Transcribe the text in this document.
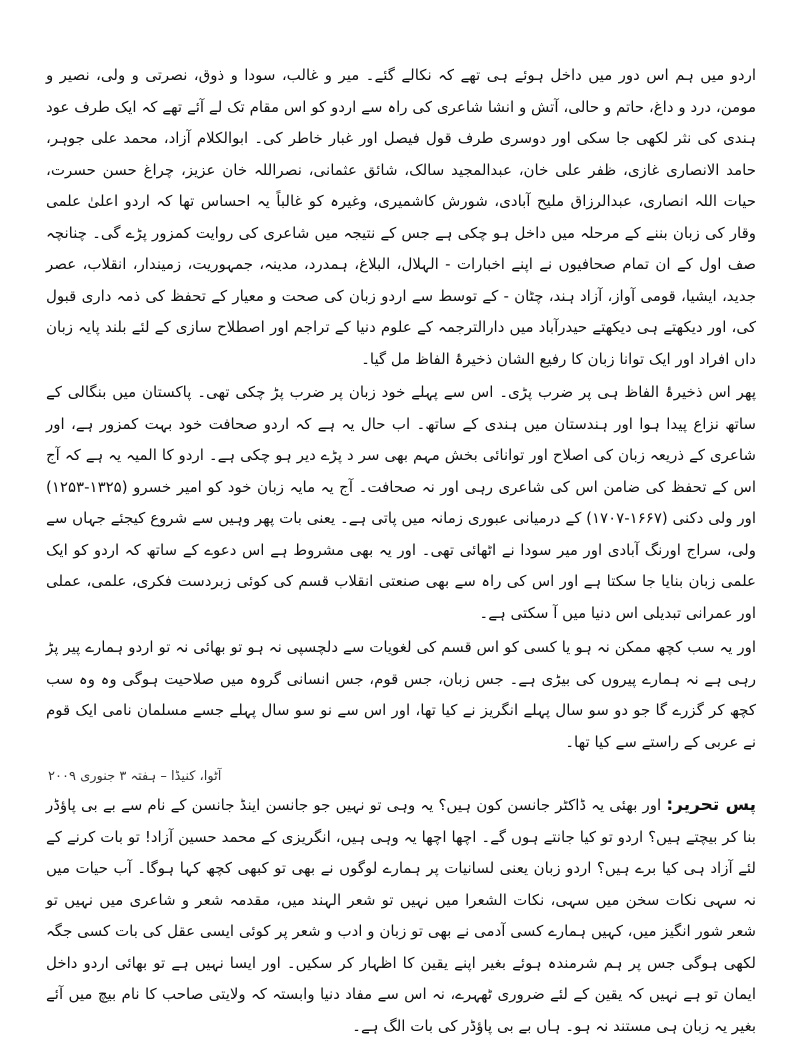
اردو میں ہم اس دور میں داخل ہوئے ہی تھے کہ نکالے گئے۔ میر و غالب، سودا و ذوق، نصرتی و ولی، نصیر و مومن، درد و داغ، حاتم و حالی، آتش و انشا شاعری کی راہ سے اردو کو اس مقام تک لے آئے تھے کہ ایک طرف عود ہندی کی نثر لکھی جا سکی اور دوسری طرف قول فیصل اور غبار خاطر کی۔ ابوالکلام آزاد، محمد علی جوہر، حامد الانصاری غازی، ظفر علی خان، عبدالمجید سالک، شائق عثمانی، نصراللہ خان عزیز، چراغ حسن حسرت، حیات اللہ انصاری، عبدالرزاق ملیح آبادی، شورش کاشمیری، وغیرہ کو غالباً یہ احساس تھا کہ اردو اعلیٰ علمی وقار کی زبان بننے کے مرحلہ میں داخل ہو چکی ہے جس کے نتیجہ میں شاعری کی روایت کمزور پڑے گی۔ چنانچہ صف اول کے ان تمام صحافیوں نے اپنے اخبارات - الہلال، البلاغ، ہمدرد، مدینہ، جمہوریت، زمیندار، انقلاب، عصر جدید، ایشیا، قومی آواز، آزاد ہند، چٹان - کے توسط سے اردو زبان کی صحت و معیار کے تحفظ کی ذمہ داری قبول کی، اور دیکھتے ہی دیکھتے حیدرآباد میں دارالترجمہ کے علوم دنیا کے تراجم اور اصطلاح سازی کے لئے بلند پایہ زبان داں افراد اور ایک توانا زبان کا رفیع الشان ذخیرۂ الفاظ مل گیا۔

پھر اس ذخیرۂ الفاظ ہی پر ضرب پڑی۔ اس سے پہلے خود زبان پر ضرب پڑ چکی تھی۔ پاکستان میں بنگالی کے ساتھ نزاع پیدا ہوا اور ہندستان میں ہندی کے ساتھ۔ اب حال یہ ہے کہ اردو صحافت خود بہت کمزور ہے، اور شاعری کے ذریعہ زبان کی اصلاح اور توانائی بخش مہم بھی سر د پڑے دیر ہو چکی ہے۔ اردو کا المیہ یہ ہے کہ آج اس کے تحفظ کی ضامن اس کی شاعری رہی اور نہ صحافت۔ آج یہ مایہ زبان خود کو امیر خسرو (۱۳۲۵-۱۲۵۳) اور ولی دکنی (۱۶۶۷-۱۷۰۷) کے درمیانی عبوری زمانہ میں پاتی ہے۔ یعنی بات پھر وہیں سے شروع کیجئے جہاں سے ولی، سراج اورنگ آبادی اور میر سودا نے اٹھائی تھی۔ اور یہ بھی مشروط ہے اس دعوے کے ساتھ کہ اردو کو ایک علمی زبان بنایا جا سکتا ہے اور اس کی راہ سے بھی صنعتی انقلاب قسم کی کوئی زبردست فکری، علمی، عملی اور عمرانی تبدیلی اس دنیا میں آ سکتی ہے۔

اور یہ سب کچھ ممکن نہ ہو یا کسی کو اس قسم کی لغویات سے دلچسپی نہ ہو تو بھائی نہ تو اردو ہمارے پیر پڑ رہی ہے نہ ہمارے پیروں کی بیڑی ہے۔ جس زبان، جس قوم، جس انسانی گروہ میں صلاحیت ہوگی وہ وہ سب کچھ کر گزرے گا جو دو سو سال پہلے انگریز نے کیا تھا، اور اس سے نو سو سال پہلے جسے مسلمان نامی ایک قوم نے عربی کے راستے سے کیا تھا۔

آٹوا، کنیڈا – ہفتہ ۳ جنوری ۲۰۰۹

پس تحریر: اور بھئی یہ ڈاکٹر جانسن کون ہیں؟ یہ وہی تو نہیں جو جانسن اینڈ جانسن کے نام سے بے بی پاؤڈر بنا کر بیچتے ہیں؟ اردو تو کیا جانتے ہوں گے۔ اچھا اچھا یہ وہی ہیں، انگریزی کے محمد حسین آزاد! تو بات کرنے کے لئے آزاد ہی کیا برے ہیں؟ اردو زبان یعنی لسانیات پر ہمارے لوگوں نے بھی تو کبھی کچھ کہا ہوگا۔ آب حیات میں نہ سہی نکات سخن میں سہی، نکات الشعرا میں نہیں تو شعر الہند میں، مقدمہ شعر و شاعری میں نہیں تو شعر شور انگیز میں، کہیں ہمارے کسی آدمی نے بھی تو زبان و ادب و شعر پر کوئی ایسی عقل کی بات کسی جگہ لکھی ہوگی جس پر ہم شرمندہ ہوئے بغیر اپنے یقین کا اظہار کر سکیں۔ اور ایسا نہیں ہے تو بھائی اردو داخل ایمان تو ہے نہیں کہ یقین کے لئے ضروری ٹھہرے، نہ اس سے مفاد دنیا وابستہ کہ ولایتی صاحب کا نام بیچ میں آئے بغیر یہ زبان ہی مستند نہ ہو۔ ہاں بے بی پاؤڈر کی بات الگ ہے۔
